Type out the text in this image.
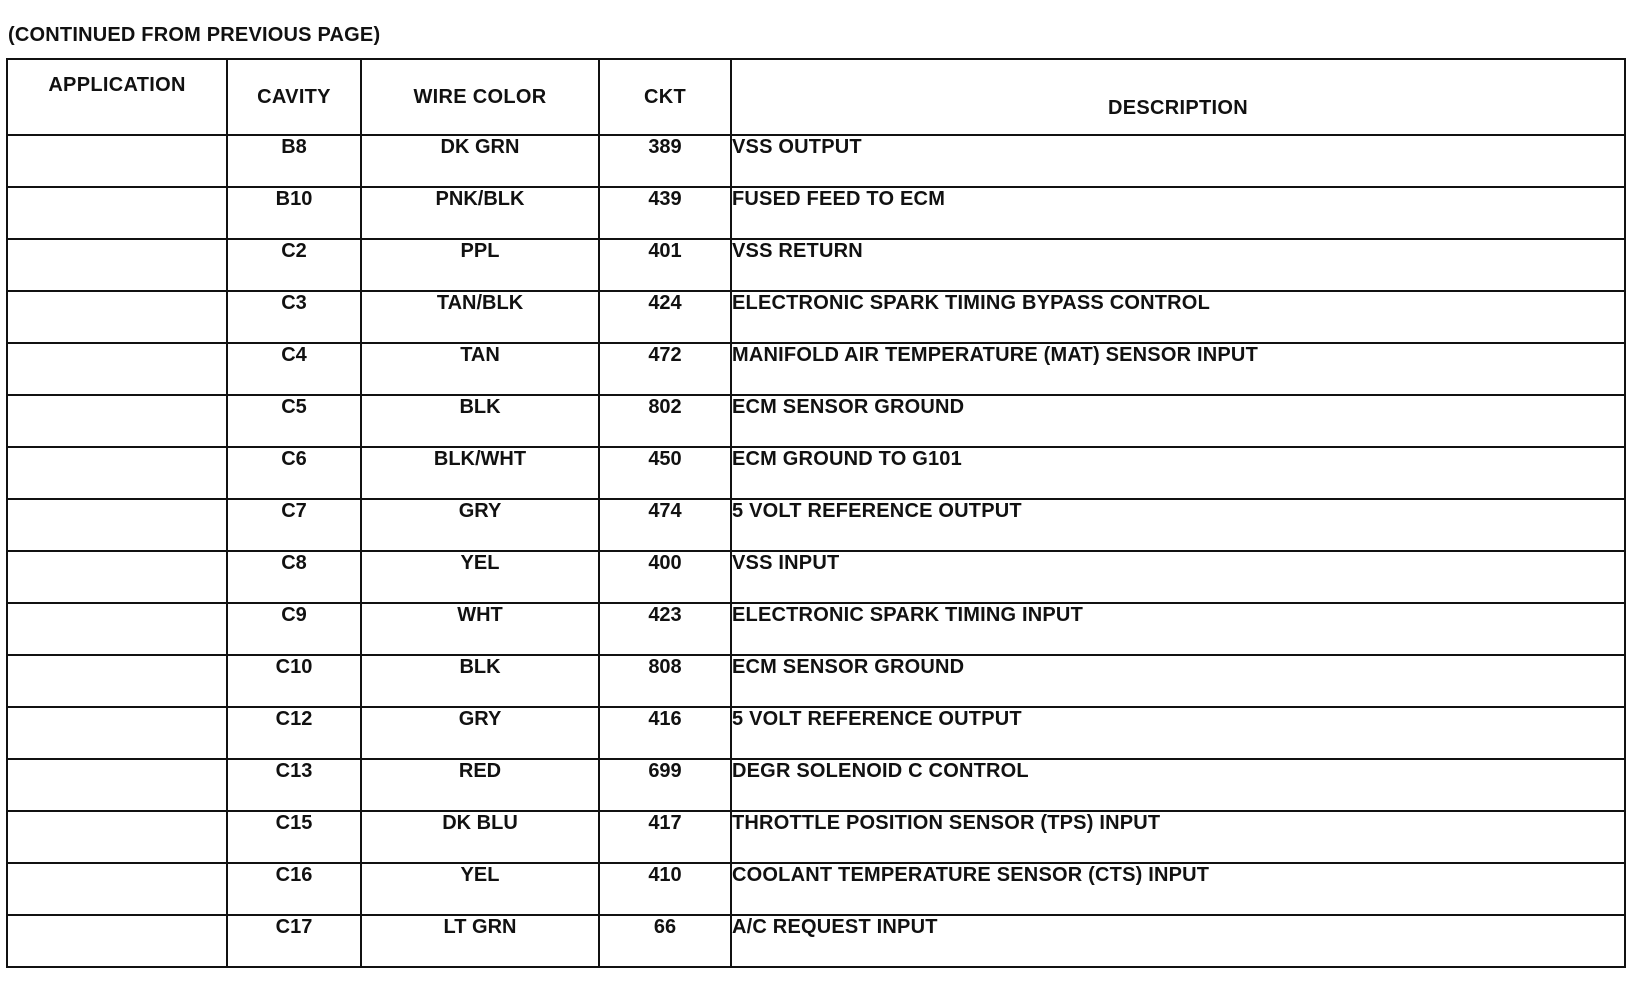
(CONTINUED FROM PREVIOUS PAGE)
APPLICATION	CAVITY	WIRE COLOR	CKT	DESCRIPTION
	B8	DK GRN	389	VSS OUTPUT
	B10	PNK/BLK	439	FUSED FEED TO ECM
	C2	PPL	401	VSS RETURN
	C3	TAN/BLK	424	ELECTRONIC SPARK TIMING BYPASS CONTROL
	C4	TAN	472	MANIFOLD AIR TEMPERATURE (MAT) SENSOR INPUT
	C5	BLK	802	ECM SENSOR GROUND
	C6	BLK/WHT	450	ECM GROUND TO G101
	C7	GRY	474	5 VOLT REFERENCE OUTPUT
	C8	YEL	400	VSS INPUT
	C9	WHT	423	ELECTRONIC SPARK TIMING INPUT
	C10	BLK	808	ECM SENSOR GROUND
	C12	GRY	416	5 VOLT REFERENCE OUTPUT
	C13	RED	699	DEGR SOLENOID C CONTROL
	C15	DK BLU	417	THROTTLE POSITION SENSOR (TPS) INPUT
	C16	YEL	410	COOLANT TEMPERATURE SENSOR (CTS) INPUT
	C17	LT GRN	66	A/C REQUEST INPUT
